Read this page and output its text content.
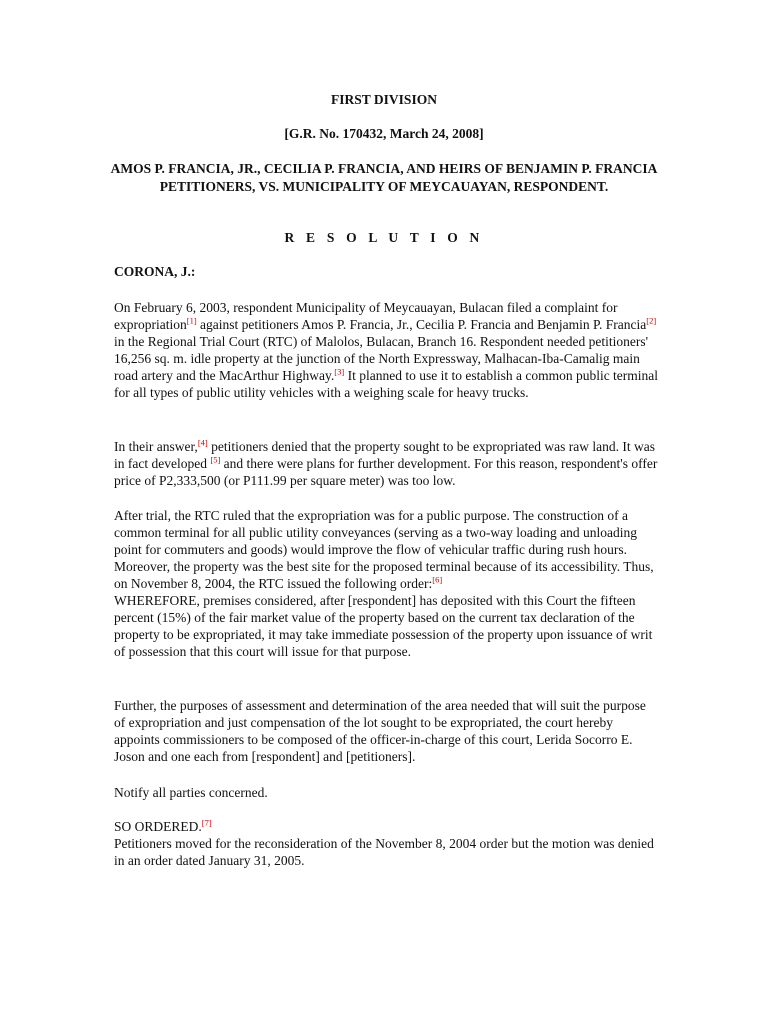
FIRST DIVISION
[G.R. No. 170432, March 24, 2008]
AMOS P. FRANCIA, JR., CECILIA P. FRANCIA, AND HEIRS OF BENJAMIN P. FRANCIA PETITIONERS, VS. MUNICIPALITY OF MEYCAUAYAN, RESPONDENT.
R E S O L U T I O N
CORONA, J.:

On February 6, 2003, respondent Municipality of Meycauayan, Bulacan filed a complaint for expropriation [ $^1$ ] against petitioners Amos P. Francia, Jr., Cecilia P. Francia and Benjamin P. Francia [ $^2$ ] in the Regional Trial Court (RTC) of Malolos, Bulacan, Branch 16. Respondent needed petitioners' 16,256 sq. m. idle property at the junction of the North Expressway, Malhacan-Iba-Camalig main road artery and the MacArthur Highway. [ $^3$ ] It planned to use it to establish a common public terminal for all types of public utility vehicles with a weighing scale for heavy trucks.

In their answer, [ $^4$ ] petitioners denied that the property sought to be expropriated was raw land. It was in fact developed [ $^5$ ] and there were plans for further development. For this reason, respondent's offer price of P2,333,500 (or P111.99 per square meter) was too low.

After trial, the RTC ruled that the expropriation was for a public purpose. The construction of a common terminal for all public utility conveyances (serving as a two-way loading and unloading point for commuters and goods) would improve the flow of vehicular traffic during rush hours. Moreover, the property was the best site for the proposed terminal because of its accessibility. Thus, on November 8, 2004, the RTC issued the following order: [ $^6$ ]

WHEREFORE, premises considered, after [respondent] has deposited with this Court the fifteen percent (15%) of the fair market value of the property based on the current tax declaration of the property to be expropriated, it may take immediate possession of the property upon issuance of writ of possession that this court will issue for that purpose.

Further, the purposes of assessment and determination of the area needed that will suit the purpose of expropriation and just compensation of the lot sought to be expropriated, the court hereby appoints commissioners to be composed of the officer-in-charge of this court, Lerida Socorro E. Joson and one each from [respondent] and [petitioners].

Notify all parties concerned.

SO ORDERED. [ $^7$ ]

Petitioners moved for the reconsideration of the November 8, 2004 order but the motion was denied in an order dated January 31, 2005.
